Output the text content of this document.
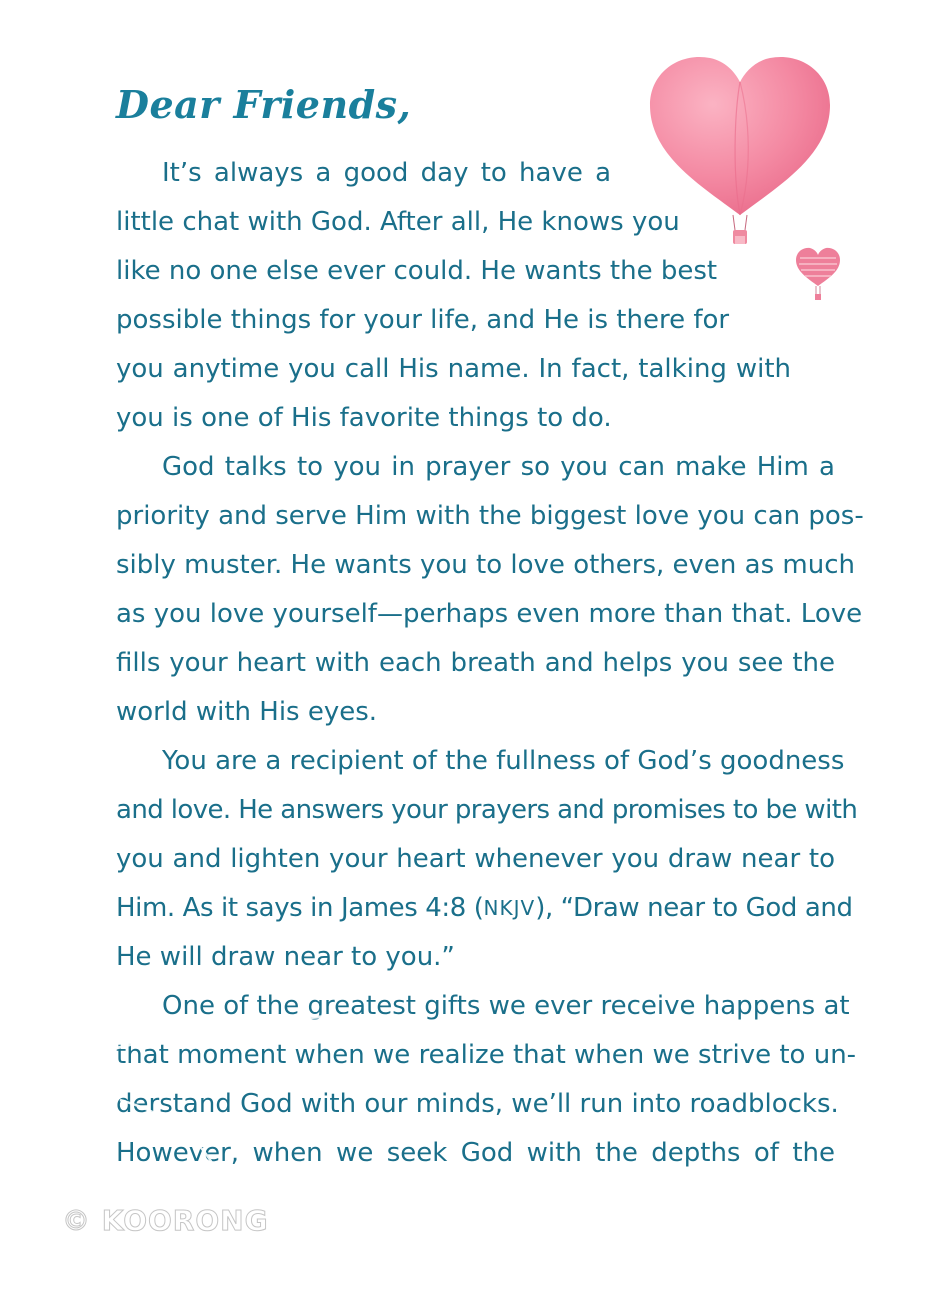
Dear Friends,
It’s always a good day to have a
little chat with God. After all, He knows you
like no one else ever could. He wants the best
possible things for your life, and He is there for
you anytime you call His name. In fact, talking with
you is one of His favorite things to do.
God talks to you in prayer so you can make Him a
priority and serve Him with the biggest love you can pos-
sibly muster. He wants you to love others, even as much
as you love yourself—perhaps even more than that. Love
fills your heart with each breath and helps you see the
world with His eyes.
You are a recipient of the fullness of God’s goodness
and love. He answers your prayers and promises to be with
you and lighten your heart whenever you draw near to
Him. As it says in James 4:8 ( NKJV ), “Draw near to God and
He will draw near to you.”
One of the greatest gifts we ever receive happens at
that moment when we realize that when we strive to un-
derstand God with our minds, we’ll run into roadblocks.
However, when we seek God with the depths of the
© KOORONG
